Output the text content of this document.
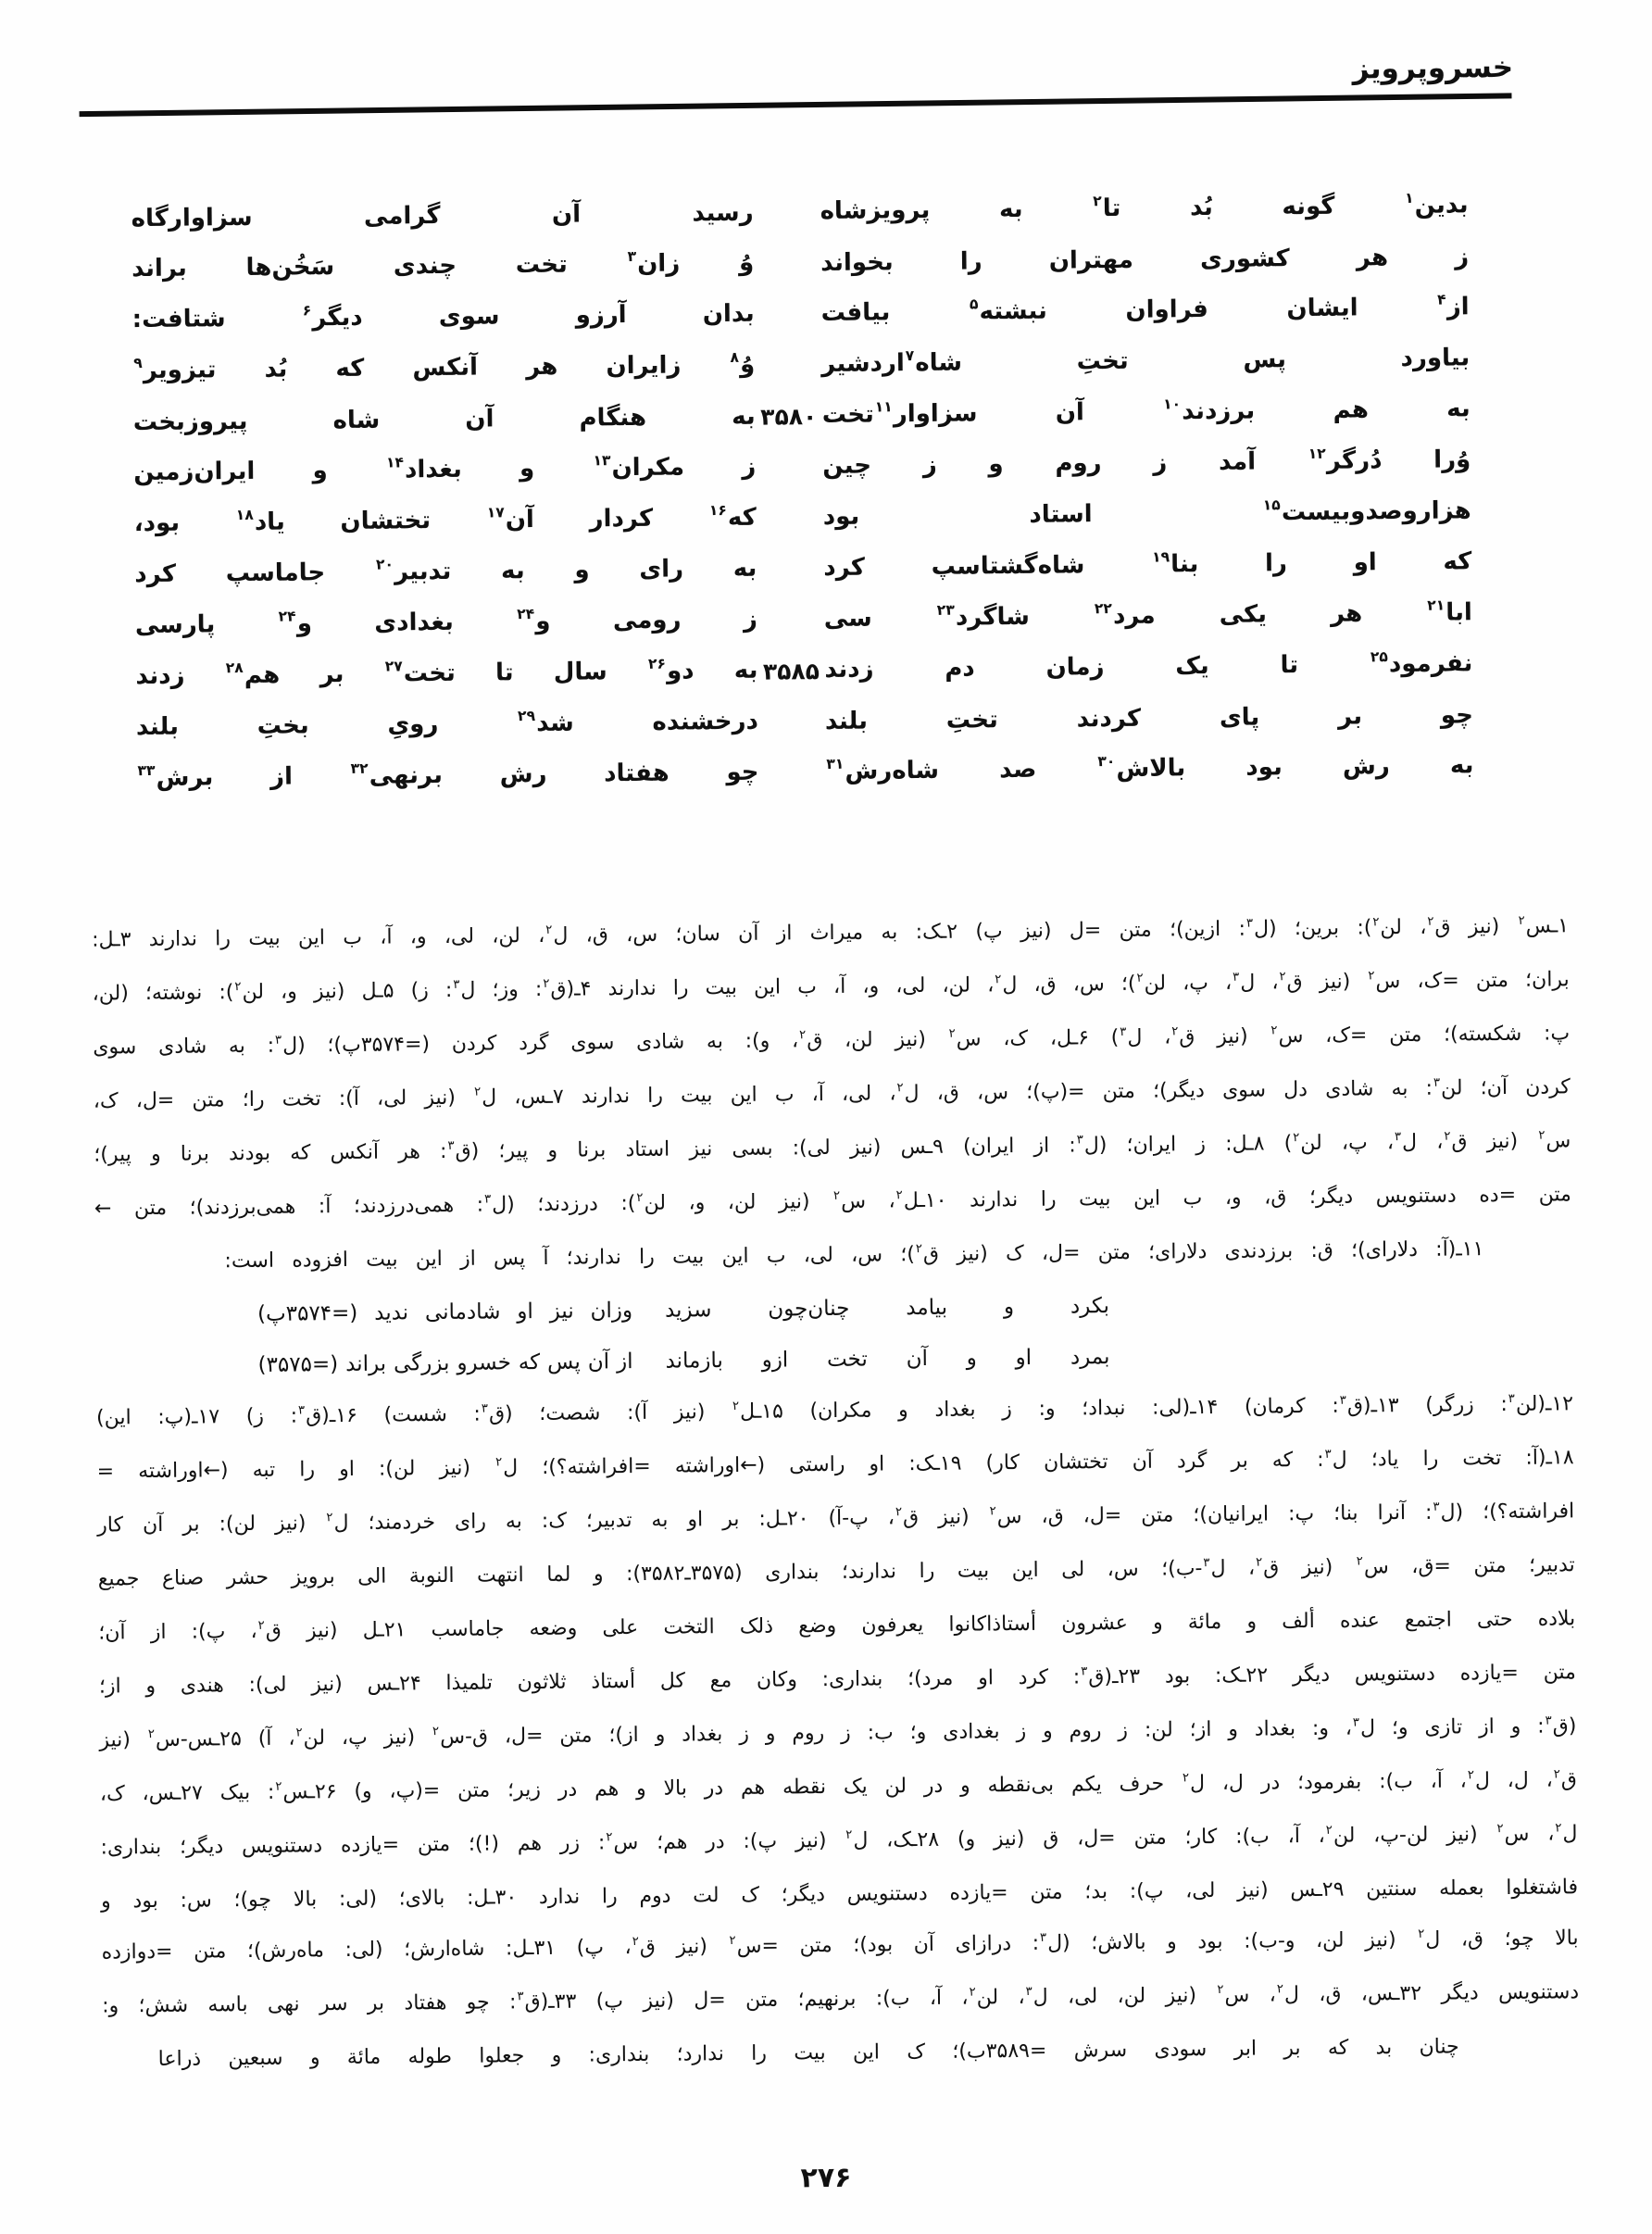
خسروپرویز
بدین$^۱$ گونه بُد تا$^۲$ به پرویزشاه
رسید آن گرامی سزاوارگاه
ز هر کشوری مهتران را بخواند
وُ زان$^۳$ تخت چندی سَخُن‌ها براند
از$^۴$ ایشان فراوان نبشته$^۵$ بیافت
بدان آرزو سوی دیگر$^۶$ شتافت:
بیاورد پس تختِ شاه$^۷$اردشیر
وُ$^۸$ زایران هر آنکس که بُد تیزویر$^۹$
به هم برزدند$^{۱۰}$ آن سزاوار$^{۱۱}$تخت
۳۵۸۰
به هنگام آن شاه پیروزبخت
وُرا دُرگر$^{۱۲}$ آمد ز روم و ز چین
ز مکران$^{۱۳}$ و بغداد$^{۱۴}$ و ایران‌زمین
هزاروصدوبیست$^{۱۵}$ استاد بود
که$^{۱۶}$ کردار آن$^{۱۷}$ تختشان یاد$^{۱۸}$ بود،
که او را بنا$^{۱۹}$ شاه‌گشتاسپ کرد
به رای و به تدبیر$^{۲۰}$ جاماسپ کرد
ابا$^{۲۱}$ هر یکی مرد$^{۲۲}$ شاگرد$^{۲۳}$ سی
ز رومی و$^{۲۴}$ بغدادی و$^{۲۴}$ پارسی
نفرمود$^{۲۵}$ تا یک زمان دم زدند
۳۵۸۵
به دو$^{۲۶}$ سال تا تخت$^{۲۷}$ بر هم$^{۲۸}$ زدند
چو بر پای کردند تختِ بلند
درخشنده شد$^{۲۹}$ رویِ بختِ بلند
به رش بود بالاش$^{۳۰}$ صد شاه‌رش$^{۳۱}$
چو هفتاد رش برنهی$^{۳۲}$ از برش$^{۳۳}$
۱ـس$^۲$ (نیز ق$^۲$، لن$^۲$): برین؛ (ل$^۳$: ازین)؛ متن =ل (نیز پ) ۲ـک: به میراث از آن سان؛ س، ق، ل$^۲$، لن، لی، و، آ، ب این بیت را ندارند ۳ـل:
بران؛ متن =ک، س$^۲$ (نیز ق$^۲$، ل$^۳$، پ، لن$^۲$)؛ س، ق، ل$^۲$، لن، لی، و، آ، ب این بیت را ندارند ۴ـ(ق$^۲$: وز؛ ل$^۳$: ز) ۵ـل (نیز و، لن$^۲$): نوشته؛ (لن،
پ: شکسته)؛ متن =ک، س$^۲$ (نیز ق$^۲$، ل$^۳$) ۶ـل، ک، س$^۲$ (نیز لن، ق$^۲$، و): به شادی سوی گرد کردن (=۳۵۷۴پ)؛ (ل$^۳$: به شادی سوی
کردن آن؛ لن$^۳$: به شادی دل سوی دیگر)؛ متن =(پ)؛ س، ق، ل$^۲$، لی، آ، ب این بیت را ندارند ۷ـس، ل$^۲$ (نیز لی، آ): تخت را؛ متن =ل، ک،
س$^۲$ (نیز ق$^۲$، ل$^۳$، پ، لن$^۲$) ۸ـل: ز ایران؛ (ل$^۳$: از ایران) ۹ـس (نیز لی): بسی نیز استاد برنا و پیر؛ (ق$^۳$: هر آنکس که بودند برنا و پیر)؛
متن =ده دستنویس دیگر؛ ق، و، ب این بیت را ندارند ۱۰ـل$^۲$، س$^۲$ (نیز لن، و، لن$^۲$): درزدند؛ (ل$^۳$: همی‌درزدند؛ آ: همی‌برزدند)؛ متن ←
۱۱ـ(آ: دلارای)؛ ق: برزدندی دلارای؛ متن =ل، ک (نیز ق$^۲$)؛ س، لی، ب این بیت را ندارند؛ آ پس از این بیت افزوده است:
بکرد و بیامد چنان‌چون سزید
وزان نیز او شادمانی ندید (=۳۵۷۴پ)
بمرد او و آن تخت ازو بازماند
از آن پس که خسرو بزرگی براند (=۳۵۷۵)
۱۲ـ(لن$^۳$: زرگر) ۱۳ـ(ق$^۳$: کرمان) ۱۴ـ(لی: نبداد؛ و: ز بغداد و مکران) ۱۵ـل$^۲$ (نیز آ): شصت؛ (ق$^۳$: شست) ۱۶ـ(ق$^۳$: ز) ۱۷ـ(پ: این)
۱۸ـ(آ: تخت را یاد؛ ل$^۳$: که بر گرد آن تختشان کار) ۱۹ـک: او راستی (←اوراشته =افراشته؟)؛ ل$^۲$ (نیز لن): او را تبه (←اوراشته =
افراشته؟)؛ (ل$^۳$: آنرا بنا؛ پ: ایرانیان)؛ متن =ل، ق، س$^۲$ (نیز ق$^۲$، پ-آ) ۲۰ـل: بر او به تدبیر؛ ک: به رای خردمند؛ ل$^۲$ (نیز لن): بر آن کار
تدبیر؛ متن =ق، س$^۲$ (نیز ق$^۲$، ل$^۳$-ب)؛ س، لی این بیت را ندارند؛ بنداری (۳۵۷۵ـ۳۵۸۲): و لما انتهت النوبة الی برویز حشر صناع جمیع
بلاده حتی اجتمع عنده ألف و مائة و عشرون أستاذاکانوا یعرفون وضع ذلک التخت علی وضعه جاماسب ۲۱ـل (نیز ق$^۲$، پ): از آن؛
متن =یازده دستنویس دیگر ۲۲ـک: بود ۲۳ـ(ق$^۳$: کرد او مرد)؛ بنداری: وکان مع کل أستاذ ثلاثون تلمیذا ۲۴ـس (نیز لی): هندی و از؛
(ق$^۳$: و از تازی و؛ ل$^۳$، و: بغداد و از؛ لن: ز روم و ز بغدادی و؛ ب: ز روم و ز بغداد و از)؛ متن =ل، ق-س$^۲$ (نیز پ، لن$^۲$، آ) ۲۵ـس-س$^۲$ (نیز
ق$^۲$، ل، ل$^۲$، آ، ب): بفرمود؛ در ل، ل$^۲$ حرف یکم بی‌نقطه و در لن یک نقطه هم در بالا و هم در زیر؛ متن =(پ، و) ۲۶ـس$^۲$: بیک ۲۷ـس، ک،
ل$^۲$، س$^۲$ (نیز لن-پ، لن$^۲$، آ، ب): کار؛ متن =ل، ق (نیز و) ۲۸ـک، ل$^۲$ (نیز پ): در هم؛ س$^۲$: زر هم (!)؛ متن =یازده دستنویس دیگر؛ بنداری:
فاشتغلوا بعمله سنتین ۲۹ـس (نیز لی، پ): بد؛ متن =یازده دستنویس دیگر؛ ک لت دوم را ندارد ۳۰ـل: بالای؛ (لی: بالا چو)؛ س: بود و
بالا چو؛ ق، ل$^۲$ (نیز لن، و-ب): بود و بالاش؛ (ل$^۳$: درازای آن بود)؛ متن =س$^۲$ (نیز ق$^۲$، پ) ۳۱ـل: شاه‌ارش؛ (لی: ماه‌رش)؛ متن =دوازده
دستنویس دیگر ۳۲ـس، ق، ل$^۲$، س$^۲$ (نیز لن، لی، ل$^۳$، لن$^۲$، آ، ب): برنهیم؛ متن =ل (نیز پ) ۳۳ـ(ق$^۳$: چو هفتاد بر سر نهی باسه شش؛ و:
چنان بد که بر ابر سودی سرش =۳۵۸۹ب)؛ ک این بیت را ندارد؛ بنداری: و جعلوا طوله مائة و سبعین ذراعا
۲۷۶
